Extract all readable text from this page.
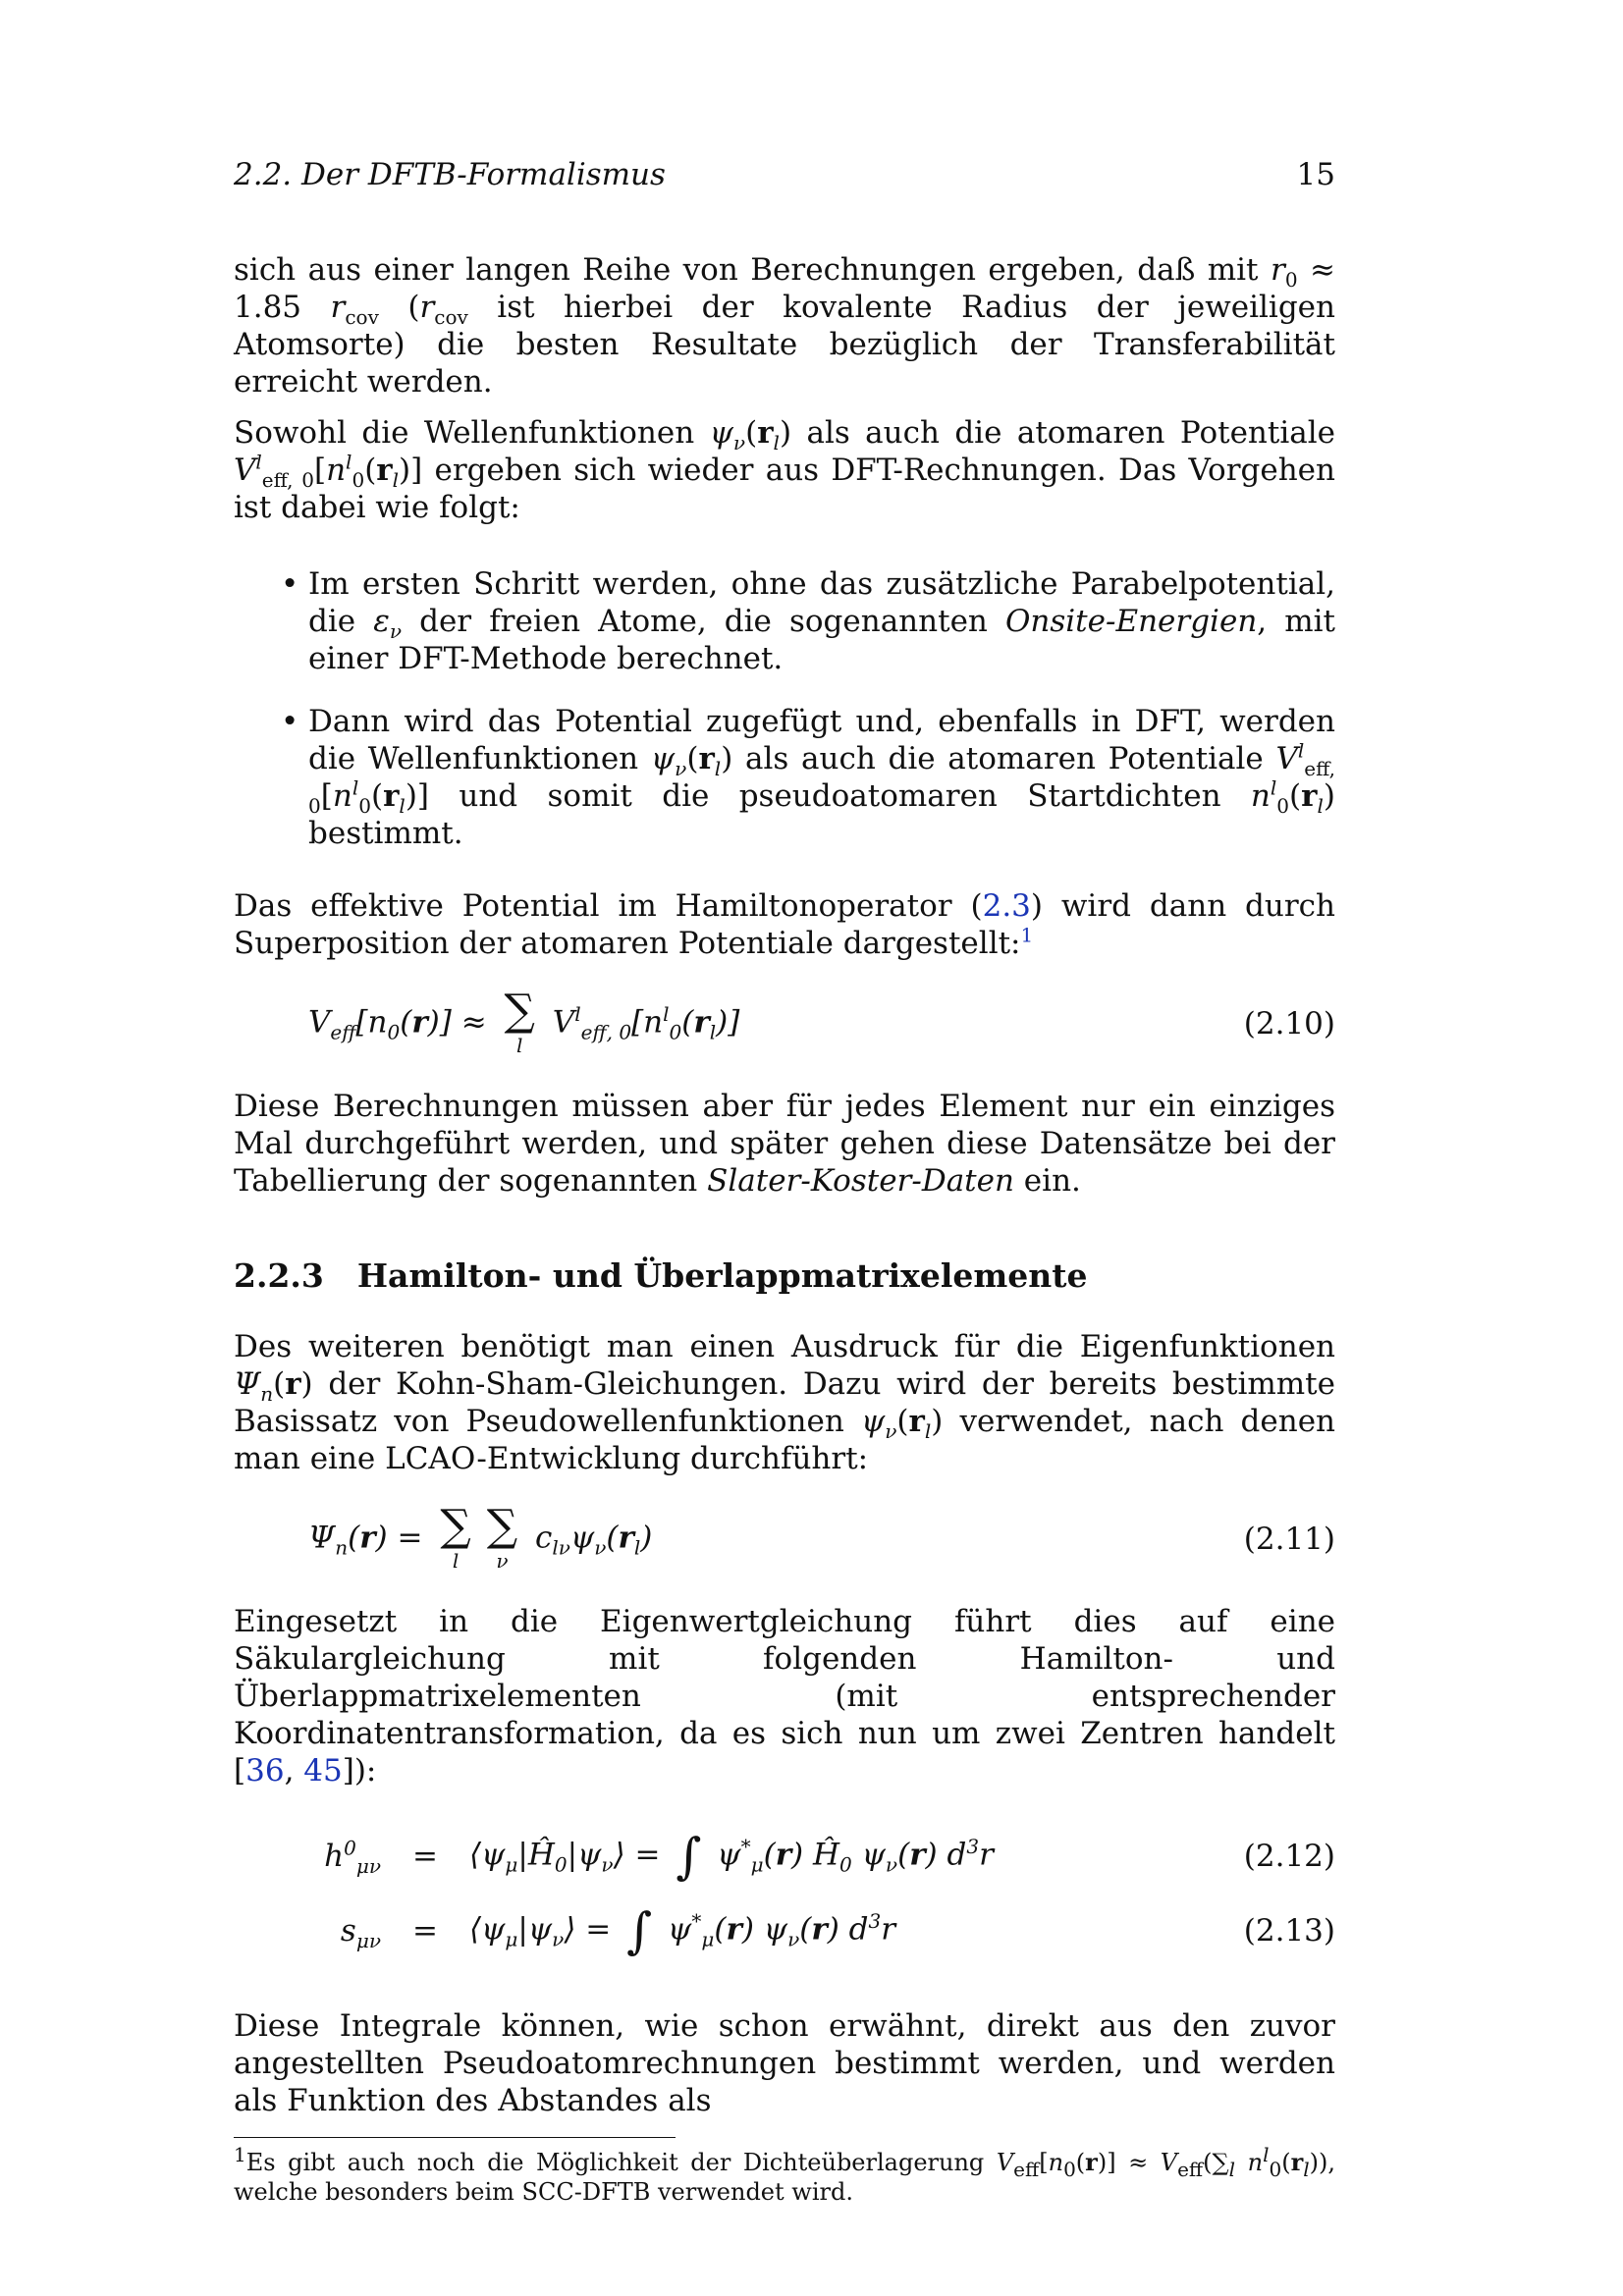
2.2. Der DFTB-Formalismus	15

sich aus einer langen Reihe von Berechnungen ergeben, daß mit $r_0 \approx 1.85$ $r_{cov}$ ($r_{cov}$ ist hierbei der kovalente Radius der jeweiligen Atomsorte) die besten Resultate bezüglich der Transferabilität erreicht werden.

Sowohl die Wellenfunktionen $\psi_\nu(r_l)$ als auch die atomaren Potentiale $V^l_{eff, 0}[n^l_0(r_l)]$ ergeben sich wieder aus DFT-Rechnungen. Das Vorgehen ist dabei wie folgt:

• Im ersten Schritt werden, ohne das zusätzliche Parabelpotential, die $\varepsilon_\nu$ der freien Atome, die sogenannten Onsite-Energien, mit einer DFT-Methode berechnet.
• Dann wird das Potential zugefügt und, ebenfalls in DFT, werden die Wellenfunktionen $\psi_\nu(r_l)$ als auch die atomaren Potentiale $V^l_{eff, 0}[n^l_0(r_l)]$ und somit die pseudoatomaren Startdichten $n^l_0(r_l)$ bestimmt.

Das effektive Potential im Hamiltonoperator (2.3) wird dann durch Superposition der atomaren Potentiale dargestellt:$^1$

$V_{eff}[n_0(r)]$ ≈ ∑
l
$V^l_{eff, 0}[n^l_0(r_l)]$	(2.10)

Diese Berechnungen müssen aber für jedes Element nur ein einziges Mal durchgeführt werden, und später gehen diese Datensätze bei der Tabellierung der sogenannten Slater-Koster-Daten ein.

2.2.3 Hamilton- und Überlappmatrixelemente

Des weiteren benötigt man einen Ausdruck für die Eigenfunktionen $\Psi_n(r)$ der Kohn-Sham-Gleichungen. Dazu wird der bereits bestimmte Basissatz von Pseudowellenfunktionen $\psi_\nu(r_l)$ verwendet, nach denen man eine LCAO-Entwicklung durchführt:

$\Psi_n(r)$ = ∑
l
∑
ν
$c_{l\nu}\psi_\nu(r_l)$	(2.11)

Eingesetzt in die Eigenwertgleichung führt dies auf eine Säkulargleichung mit folgenden Hamilton- und Überlappmatrixelementen (mit entsprechender Koordinatentransformation, da es sich nun um zwei Zentren handelt [36, 45]):

$h^0_{\mu\nu}$	=	$⟨\psi_\mu|Ĥ_0|\psi_\nu⟩$ = ∫ $\psi^*_\mu(r)$ $Ĥ_0$ $\psi_\nu(r)$ $d^3r$	(2.12)
$s_{\mu\nu}$	=	$⟨\psi_\mu|\psi_\nu⟩$ = ∫ $\psi^*_\mu(r)$ $\psi_\nu(r)$ $d^3r$	(2.13)

Diese Integrale können, wie schon erwähnt, direkt aus den zuvor angestellten Pseudoatomrechnungen bestimmt werden, und werden als Funktion des Abstandes als

$^1$Es gibt auch noch die Möglichkeit der Dichteüberlagerung $V_{eff}[n_0(r)] \approx V_{eff}(\sum_l$ $n^l_0(r_l)$), welche besonders beim SCC-DFTB verwendet wird.
